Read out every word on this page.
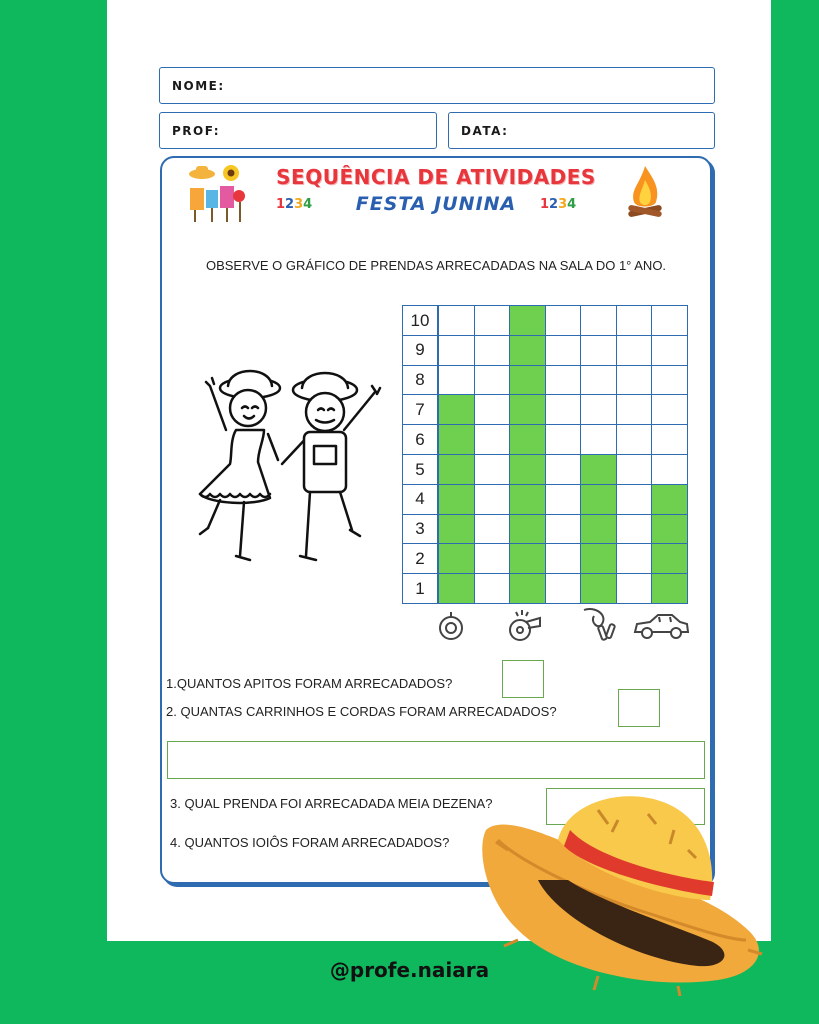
NOME:
PROF:	DATA:
SEQUÊNCIA DE ATIVIDADES
FESTA JUNINA
1234	1234
OBSERVE O GRÁFICO DE PRENDAS ARRECADADAS NA SALA DO 1° ANO.
10
9
8
7
6
5
4
3
2
1
1.QUANTOS APITOS FORAM ARRECADADOS?
2. QUANTAS CARRINHOS E CORDAS FORAM ARRECADADOS?
3. QUAL PRENDA FOI ARRECADADA MEIA DEZENA?
4. QUANTOS IOIÔS FORAM ARRECADADOS?
@profe.naiara
